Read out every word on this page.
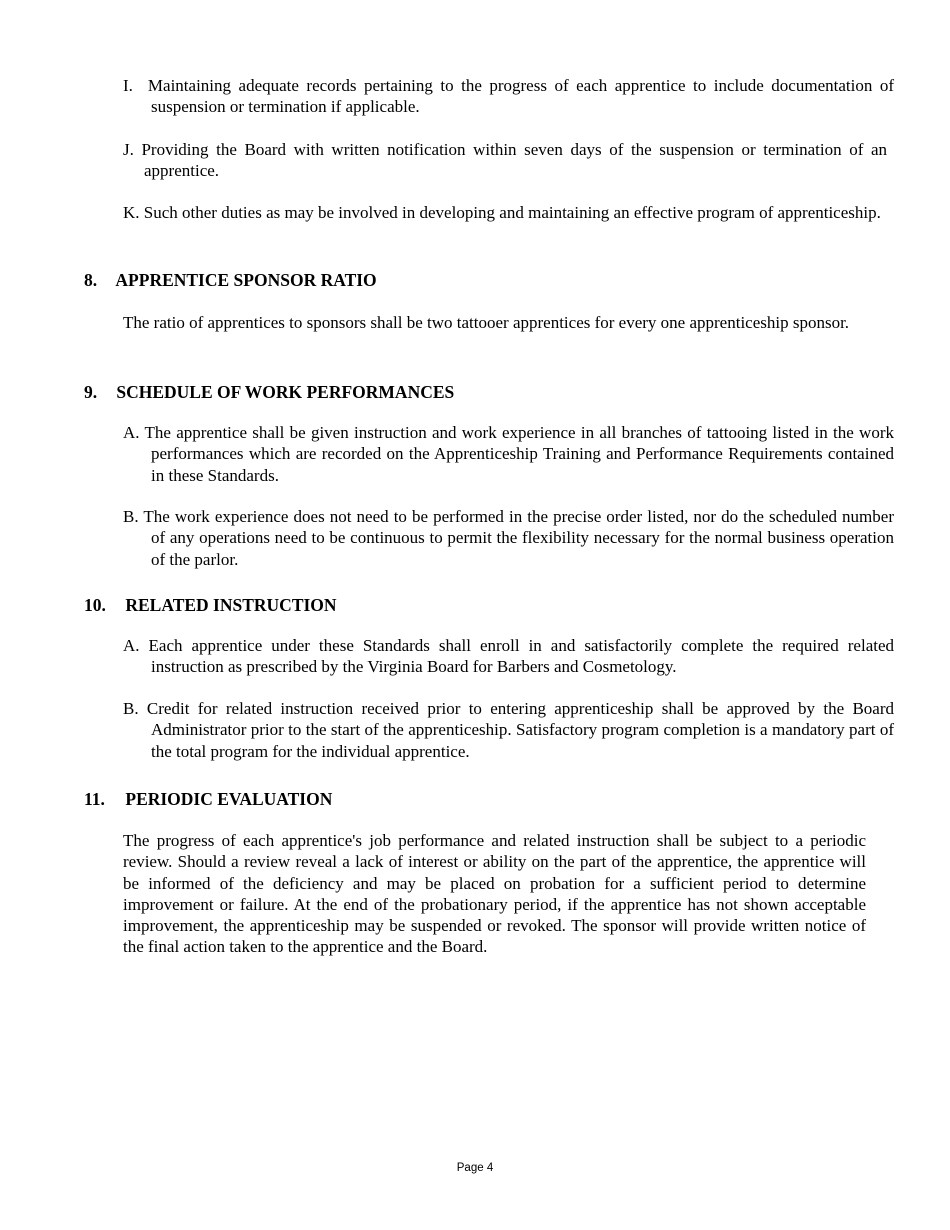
I. Maintaining adequate records pertaining to the progress of each apprentice to include documentation of suspension or termination if applicable.
J. Providing the Board with written notification within seven days of the suspension or termination of an apprentice.
K. Such other duties as may be involved in developing and maintaining an effective program of apprenticeship.
8. APPRENTICE SPONSOR RATIO
The ratio of apprentices to sponsors shall be two tattooer apprentices for every one apprenticeship sponsor.
9. SCHEDULE OF WORK PERFORMANCES
A. The apprentice shall be given instruction and work experience in all branches of tattooing listed in the work performances which are recorded on the Apprenticeship Training and Performance Requirements contained in these Standards.
B. The work experience does not need to be performed in the precise order listed, nor do the scheduled number of any operations need to be continuous to permit the flexibility necessary for the normal business operation of the parlor.
10. RELATED INSTRUCTION
A. Each apprentice under these Standards shall enroll in and satisfactorily complete the required related instruction as prescribed by the Virginia Board for Barbers and Cosmetology.
B. Credit for related instruction received prior to entering apprenticeship shall be approved by the Board Administrator prior to the start of the apprenticeship. Satisfactory program completion is a mandatory part of the total program for the individual apprentice.
11. PERIODIC EVALUATION
The progress of each apprentice's job performance and related instruction shall be subject to a periodic review. Should a review reveal a lack of interest or ability on the part of the apprentice, the apprentice will be informed of the deficiency and may be placed on probation for a sufficient period to determine improvement or failure. At the end of the probationary period, if the apprentice has not shown acceptable improvement, the apprenticeship may be suspended or revoked. The sponsor will provide written notice of the final action taken to the apprentice and the Board.
Page 4
